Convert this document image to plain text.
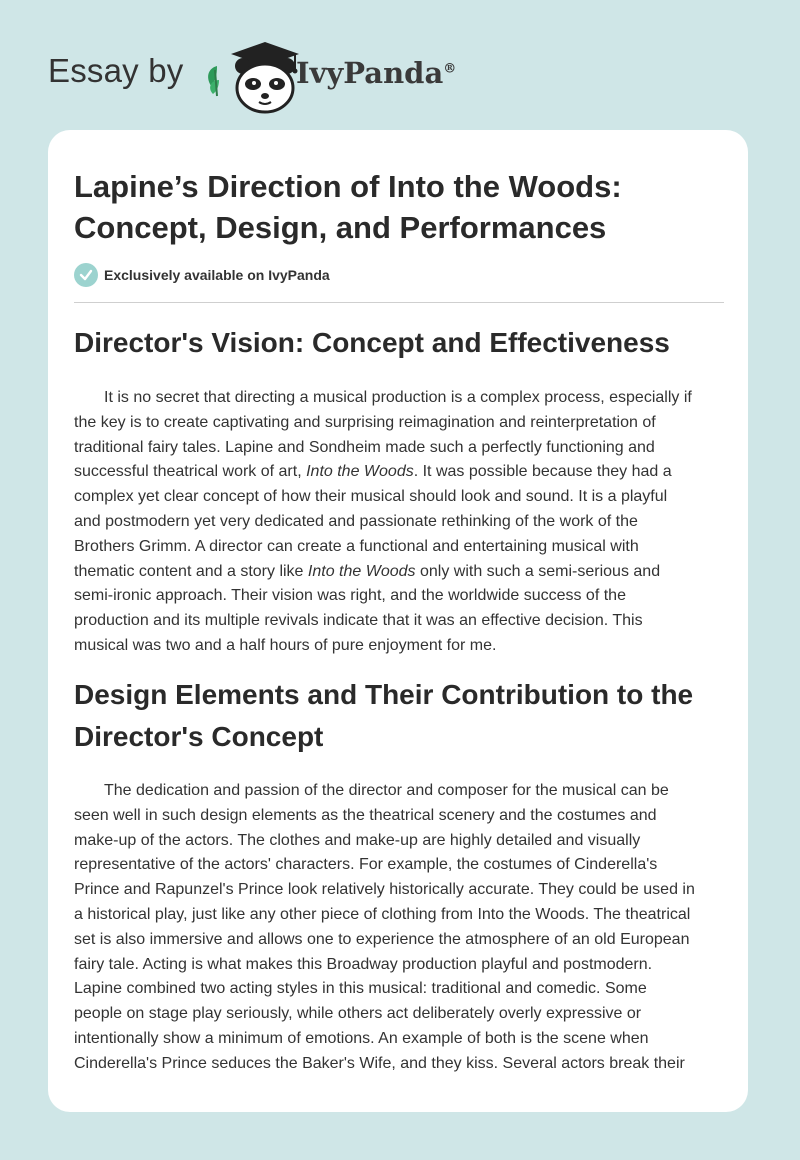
Essay by	IvyPanda®
Lapine’s Direction of Into the Woods: Concept, Design, and Performances
Exclusively available on IvyPanda
Director's Vision: Concept and Effectiveness

It is no secret that directing a musical production is a complex process, especially if
the key is to create captivating and surprising reimagination and reinterpretation of
traditional fairy tales. Lapine and Sondheim made such a perfectly functioning and
successful theatrical work of art, Into the Woods. It was possible because they had a
complex yet clear concept of how their musical should look and sound. It is a playful
and postmodern yet very dedicated and passionate rethinking of the work of the
Brothers Grimm. A director can create a functional and entertaining musical with
thematic content and a story like Into the Woods only with such a semi-serious and
semi-ironic approach. Their vision was right, and the worldwide success of the
production and its multiple revivals indicate that it was an effective decision. This
musical was two and a half hours of pure enjoyment for me.

Design Elements and Their Contribution to the Director's Concept

The dedication and passion of the director and composer for the musical can be
seen well in such design elements as the theatrical scenery and the costumes and
make-up of the actors. The clothes and make-up are highly detailed and visually
representative of the actors' characters. For example, the costumes of Cinderella's
Prince and Rapunzel's Prince look relatively historically accurate. They could be used in
a historical play, just like any other piece of clothing from Into the Woods. The theatrical
set is also immersive and allows one to experience the atmosphere of an old European
fairy tale. Acting is what makes this Broadway production playful and postmodern.
Lapine combined two acting styles in this musical: traditional and comedic. Some
people on stage play seriously, while others act deliberately overly expressive or
intentionally show a minimum of emotions. An example of both is the scene when
Cinderella's Prince seduces the Baker's Wife, and they kiss. Several actors break their
